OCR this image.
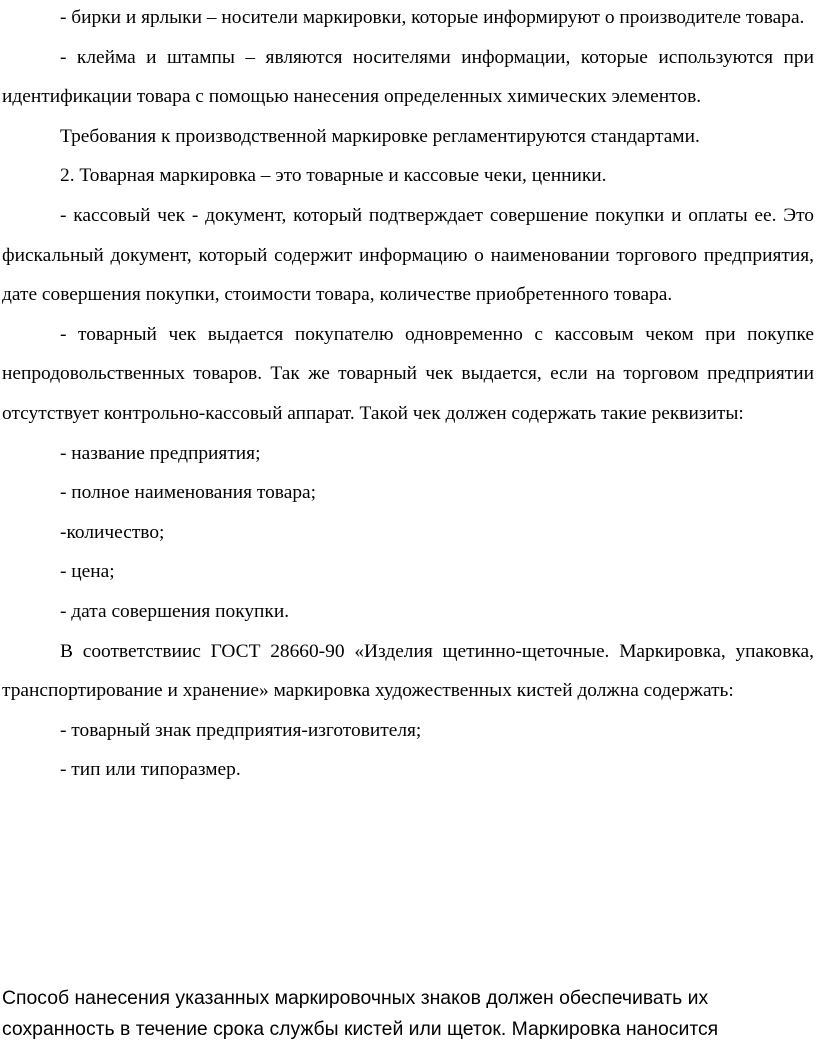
- бирки и ярлыки – носители маркировки, которые информируют о производителе товара.

- клейма и штампы – являются носителями информации, которые используются при идентификации товара с помощью нанесения определенных химических элементов.

Требования к производственной маркировке регламентируются стандартами.

2. Товарная маркировка – это товарные и кассовые чеки, ценники.

- кассовый чек - документ, который подтверждает совершение покупки и оплаты ее. Это фискальный документ, который содержит информацию о наименовании торгового предприятия, дате совершения покупки, стоимости товара, количестве приобретенного товара.

- товарный чек выдается покупателю одновременно с кассовым чеком при покупке непродовольственных товаров. Так же товарный чек выдается, если на торговом предприятии отсутствует контрольно-кассовый аппарат. Такой чек должен содержать такие реквизиты:

- название предприятия;

- полное наименования товара;

-количество;

- цена;

- дата совершения покупки.

В соответствиис ГОСТ 28660-90 «Изделия щетинно-щеточные. Маркировка, упаковка, транспортирование и хранение» маркировка художественных кистей должна содержать:

- товарный знак предприятия-изготовителя;

- тип или типоразмер.

Способ нанесения указанных маркировочных знаков должен обеспечивать их сохранность в течение срока службы кистей или щеток. Маркировка наносится
